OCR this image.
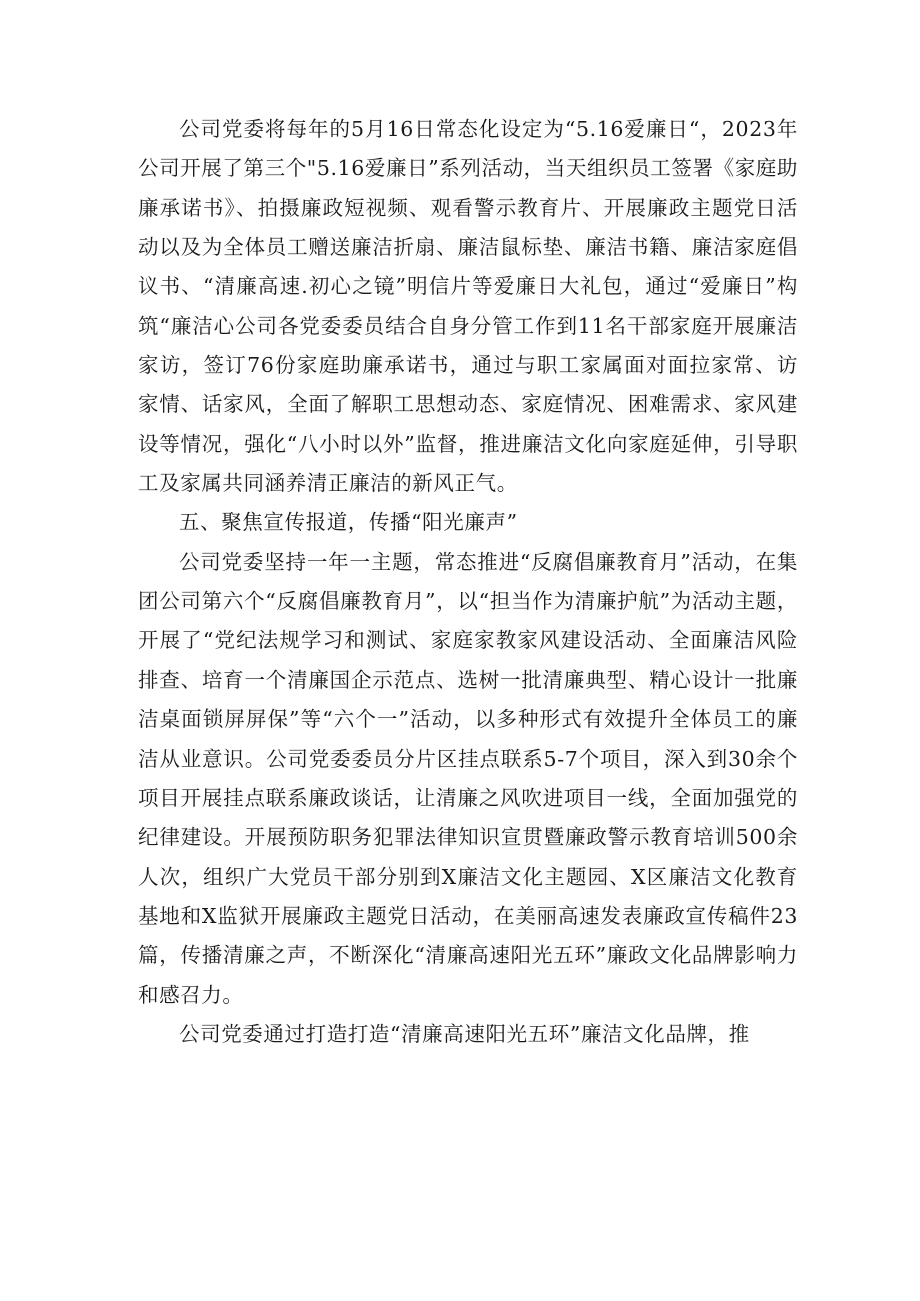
公司党委将每年的5月16日常态化设定为“5.16爱廉日“，2023年公司开展了第三个"5.16爱廉日”系列活动，当天组织员工签署《家庭助廉承诺书》、拍摄廉政短视频、观看警示教育片、开展廉政主题党日活动以及为全体员工赠送廉洁折扇、廉洁鼠标垫、廉洁书籍、廉洁家庭倡议书、“清廉高速.初心之镜”明信片等爱廉日大礼包，通过“爱廉日”构筑“廉洁心公司各党委委员结合自身分管工作到11名干部家庭开展廉洁家访，签订76份家庭助廉承诺书，通过与职工家属面对面拉家常、访家情、话家风，全面了解职工思想动态、家庭情况、困难需求、家风建设等情况，强化“八小时以外”监督，推进廉洁文化向家庭延伸，引导职工及家属共同涵养清正廉洁的新风正气。

五、聚焦宣传报道，传播“阳光廉声”

公司党委坚持一年一主题，常态推进“反腐倡廉教育月”活动，在集团公司第六个“反腐倡廉教育月”，以“担当作为清廉护航”为活动主题，开展了“党纪法规学习和测试、家庭家教家风建设活动、全面廉洁风险排查、培育一个清廉国企示范点、选树一批清廉典型、精心设计一批廉洁桌面锁屏屏保”等“六个一”活动，以多种形式有效提升全体员工的廉洁从业意识。公司党委委员分片区挂点联系5-7个项目，深入到30余个项目开展挂点联系廉政谈话，让清廉之风吹进项目一线，全面加强党的纪律建设。开展预防职务犯罪法律知识宣贯暨廉政警示教育培训500余人次，组织广大党员干部分别到X廉洁文化主题园、X区廉洁文化教育基地和X监狱开展廉政主题党日活动，在美丽高速发表廉政宣传稿件23篇，传播清廉之声，不断深化“清廉高速阳光五环”廉政文化品牌影响力和感召力。

公司党委通过打造打造“清廉高速阳光五环”廉洁文化品牌，推
